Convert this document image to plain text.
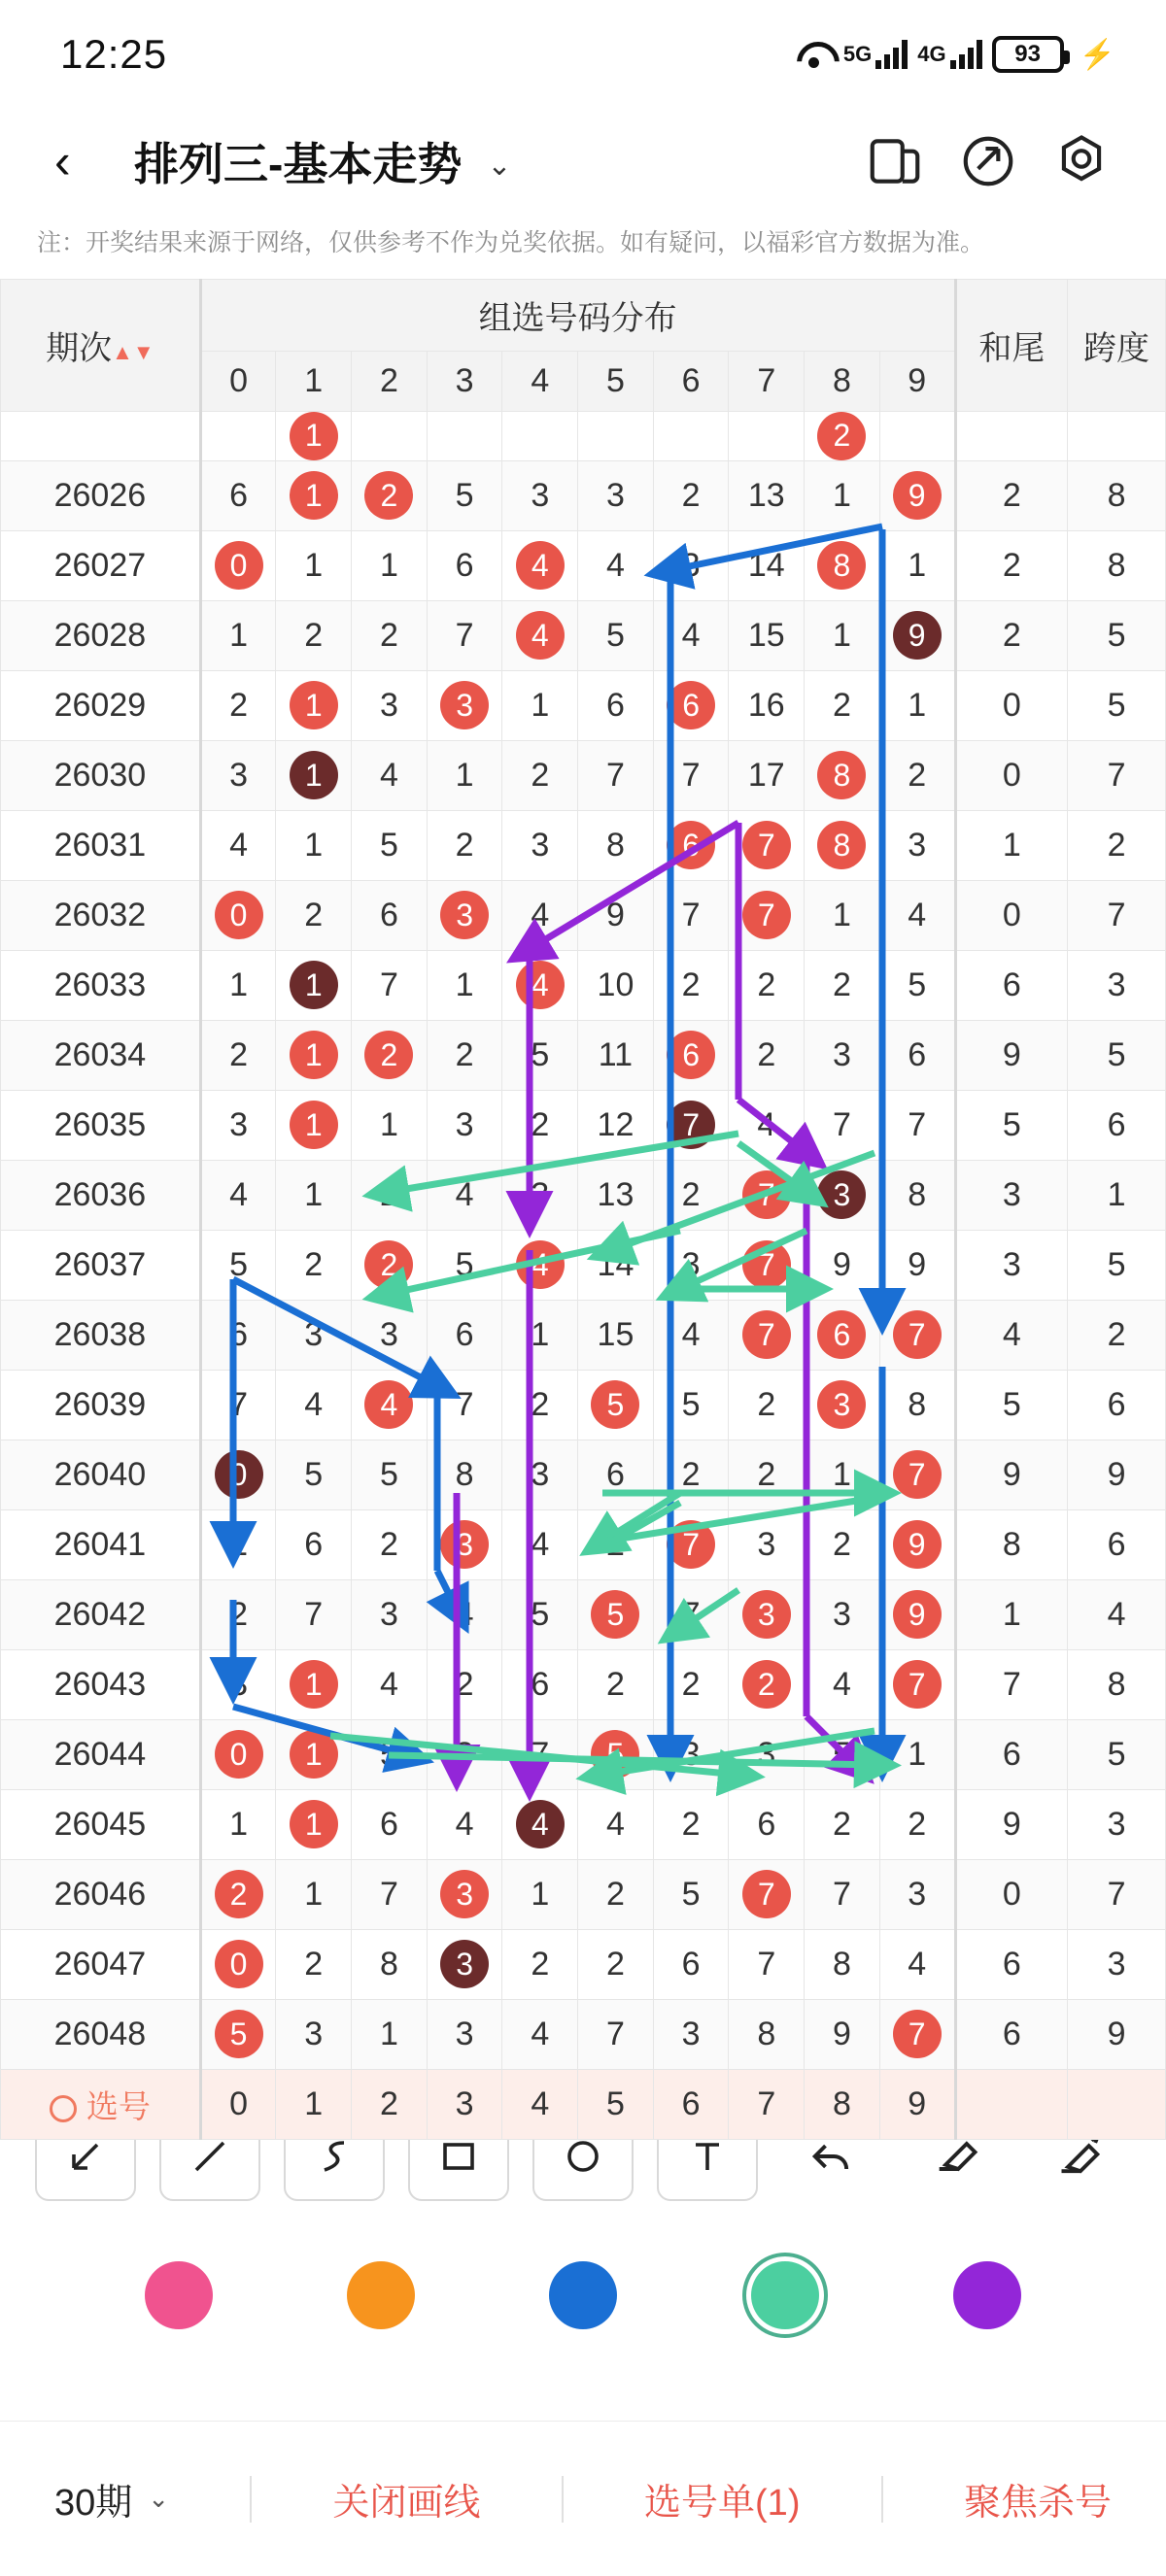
12:25	5G 4G	93 ⚡
‹	排列三-基本走势 ⌄
注：开奖结果来源于网络，仅供参考不作为兑奖依据。如有疑问，以福彩官方数据为准。
期次▲▼	组选号码分布										和尾	跨度
	0	1	2	3	4	5	6	7	8	9		
		1							2			
26026	6	1	2	5	3	3	2	13	1	9	2	8
26027	0	1	1	6	4	4	3	14	8	1	2	8
26028	1	2	2	7	4	5	4	15	1	9	2	5
26029	2	1	3	3	1	6	6	16	2	1	0	5
26030	3	1	4	1	2	7	7	17	8	2	0	7
26031	4	1	5	2	3	8	6	7	8	3	1	2
26032	0	2	6	3	4	9	7	7	1	4	0	7
26033	1	1	7	1	4	10	2	2	2	5	6	3
26034	2	1	2	2	5	11	6	2	3	6	9	5
26035	3	1	1	3	2	12	7	4	7	7	5	6
26036	4	1	2	4	3	13	2	7	3	8	3	1
26037	5	2	2	5	4	14	3	7	9	9	3	5
26038	6	3	3	6	1	15	4	7	6	7	4	2
26039	7	4	4	7	2	5	5	2	3	8	5	6
26040	0	5	5	8	3	6	2	2	1	7	9	9
26041	1	6	2	3	4	2	7	3	2	9	8	6
26042	2	7	3	4	5	5	7	3	3	9	1	4
26043	3	1	4	2	6	2	2	2	4	7	7	8
26044	0	1	5	3	7	5	3	3	5	1	6	5
26045	1	1	6	4	4	4	2	6	2	2	9	3
26046	2	1	7	3	1	2	5	7	7	3	0	7
26047	0	2	8	3	2	2	6	7	8	4	6	3
26048	5	3	1	3	4	7	3	8	9	7	6	9
选号	0	1	2	3	4	5	6	7	8	9		
30期 ⌄	关闭画线	选号单(1)	聚焦杀号
